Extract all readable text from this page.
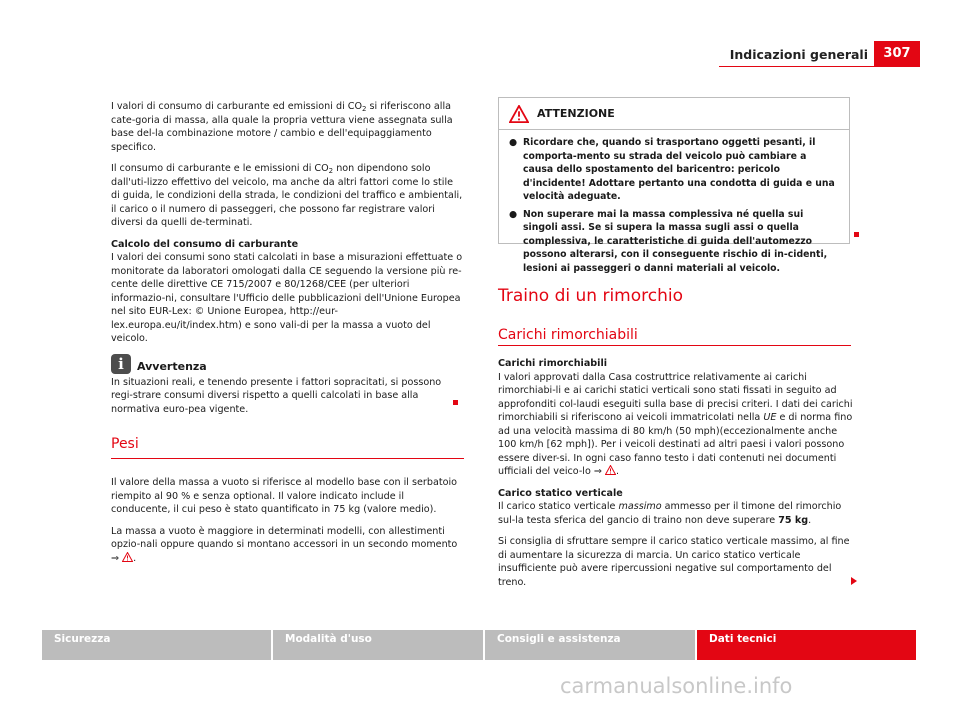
Indicazioni generali	307

I valori di consumo di carburante ed emissioni di $CO_2$ si riferiscono alla cate-goria di massa, alla quale la propria vettura viene assegnata sulla base del-la combinazione motore / cambio e dell'equipaggiamento specifico.

Il consumo di carburante e le emissioni di $CO_2$ non dipendono solo dall'uti-lizzo effettivo del veicolo, ma anche da altri fattori come lo stile di guida, le condizioni della strada, le condizioni del traffico e ambientali, il carico o il numero di passeggeri, che possono far registrare valori diversi da quelli de-terminati.

Calcolo del consumo di carburante
I valori dei consumi sono stati calcolati in base a misurazioni effettuate o monitorate da laboratori omologati dalla CE seguendo la versione più re-cente delle direttive CE 715/2007 e 80/1268/CEE (per ulteriori informazio-ni, consultare l'Ufficio delle pubblicazioni dell'Unione Europea nel sito EUR-Lex: © Unione Europea, http://eur-lex.europa.eu/it/index.htm) e sono vali-di per la massa a vuoto del veicolo.

i	Avvertenza

In situazioni reali, e tenendo presente i fattori sopracitati, si possono regi-strare consumi diversi rispetto a quelli calcolati in base alla normativa euro-pea vigente.

Pesi

Il valore della massa a vuoto si riferisce al modello base con il serbatoio riempito al 90 % e senza optional. Il valore indicato include il conducente, il cui peso è stato quantificato in 75 kg (valore medio).

La massa a vuoto è maggiore in determinati modelli, con allestimenti opzio-nali oppure quando si montano accessori in un secondo momento ⇒ .

ATTENZIONE
● Ricordare che, quando si trasportano oggetti pesanti, il comporta-mento su strada del veicolo può cambiare a causa dello spostamento del baricentro: pericolo d'incidente! Adottare pertanto una condotta di guida e una velocità adeguate.
● Non superare mai la massa complessiva né quella sui singoli assi. Se si supera la massa sugli assi o quella complessiva, le caratteristiche di guida dell'automezzo possono alterarsi, con il conseguente rischio di in-cidenti, lesioni ai passeggeri o danni materiali al veicolo.
Traino di un rimorchio
Carichi rimorchiabili

Carichi rimorchiabili
I valori approvati dalla Casa costruttrice relativamente ai carichi rimorchiabi-li e ai carichi statici verticali sono stati fissati in seguito ad approfonditi col-laudi eseguiti sulla base di precisi criteri. I dati dei carichi rimorchiabili si riferiscono ai veicoli immatricolati nella UE e di norma fino ad una velocità massima di 80 km/h (50 mph)(eccezionalmente anche 100 km/h [62 mph]). Per i veicoli destinati ad altri paesi i valori possono essere diver-si. In ogni caso fanno testo i dati contenuti nei documenti ufficiali del veico-lo ⇒ .

Carico statico verticale
Il carico statico verticale massimo ammesso per il timone del rimorchio sul-la testa sferica del gancio di traino non deve superare 75 kg.

Si consiglia di sfruttare sempre il carico statico verticale massimo, al fine di aumentare la sicurezza di marcia. Un carico statico verticale insufficiente può avere ripercussioni negative sul comportamento del treno.

Sicurezza	Modalità d'uso	Consigli e assistenza	Dati tecnici
carmanualsonline.info
